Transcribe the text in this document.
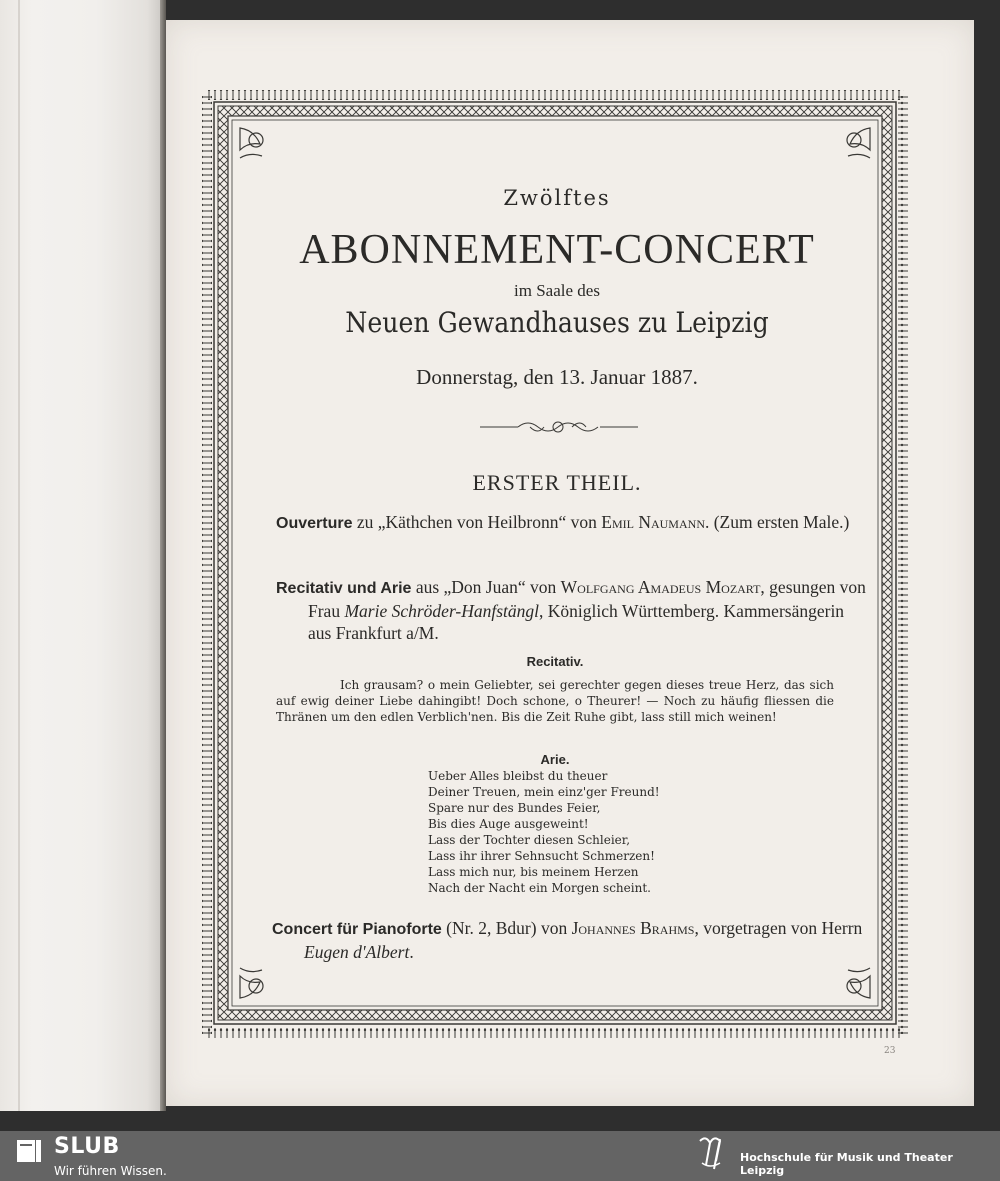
Zwölftes
ABONNEMENT-CONCERT
im Saale des
Neuen Gewandhauses zu Leipzig
Donnerstag, den 13. Januar 1887.
ERSTER THEIL.
Ouverture zu „Käthchen von Heilbronn“ von Emil Naumann. (Zum ersten Male.)
Recitativ und Arie aus „Don Juan“ von Wolfgang Amadeus Mozart, gesungen von Frau Marie Schröder-Hanfstängl, Königlich Württemberg. Kammersängerin aus Frankfurt a/M.
Recitativ.
Ich grausam? o mein Geliebter, sei gerechter gegen dieses treue Herz, das sich auf ewig deiner Liebe dahingibt! Doch schone, o Theurer! — Noch zu häufig fliessen die Thränen um den edlen Verblich'nen. Bis die Zeit Ruhe gibt, lass still mich weinen!
Arie.
Ueber Alles bleibst du theuer
Deiner Treuen, mein einz'ger Freund!
Spare nur des Bundes Feier,
Bis dies Auge ausgeweint!
Lass der Tochter diesen Schleier,
Lass ihr ihrer Sehnsucht Schmerzen!
Lass mich nur, bis meinem Herzen
Nach der Nacht ein Morgen scheint.
Concert für Pianoforte (Nr. 2, Bdur) von Johannes Brahms, vorgetragen von Herrn Eugen d'Albert.
23
SLUB
Wir führen Wissen.
Hochschule für Musik und Theater Leipzig
